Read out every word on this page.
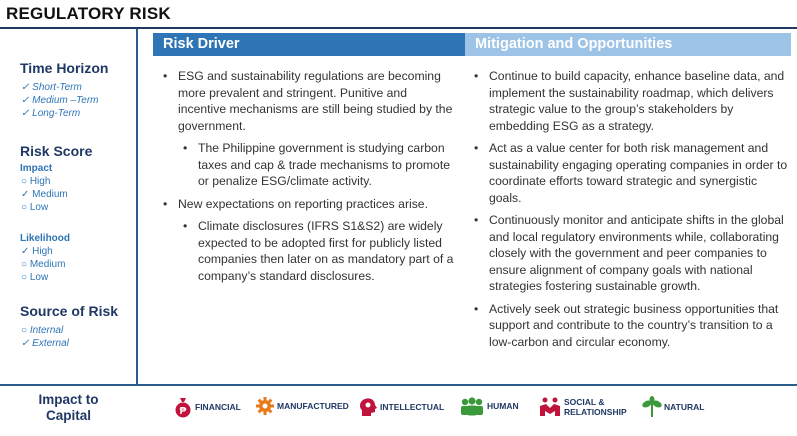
REGULATORY RISK
Time Horizon
✓ Short-Term
✓ Medium –Term
✓ Long-Term
Risk Score
Impact
○ High
✓ Medium
○ Low
Likelihood
✓ High
○ Medium
○ Low
Source of Risk
○ Internal
✓ External
Risk Driver	Mitigation and Opportunities
• ESG and sustainability regulations are becoming more prevalent and stringent. Punitive and incentive mechanisms are still being studied by the government.
• The Philippine government is studying carbon taxes and cap & trade mechanisms to promote or penalize ESG/climate activity.
• New expectations on reporting practices arise.
• Climate disclosures (IFRS S1&S2) are widely expected to be adopted first for publicly listed companies then later on as mandatory part of a company’s standard disclosures.
• Continue to build capacity, enhance baseline data, and implement the sustainability roadmap, which delivers strategic value to the group’s stakeholders by embedding ESG as a strategy.
• Act as a value center for both risk management and sustainability engaging operating companies in order to coordinate efforts toward strategic and synergistic goals.
• Continuously monitor and anticipate shifts in the global and local regulatory environments while, collaborating closely with the government and peer companies to ensure alignment of company goals with national strategies fostering sustainable growth.
• Actively seek out strategic business opportunities that support and contribute to the country’s transition to a low-carbon and circular economy.
Impact to Capital	₱ FINANCIAL	MANUFACTURED	INTELLECTUAL	HUMAN	SOCIAL &
RELATIONSHIP	NATURAL
